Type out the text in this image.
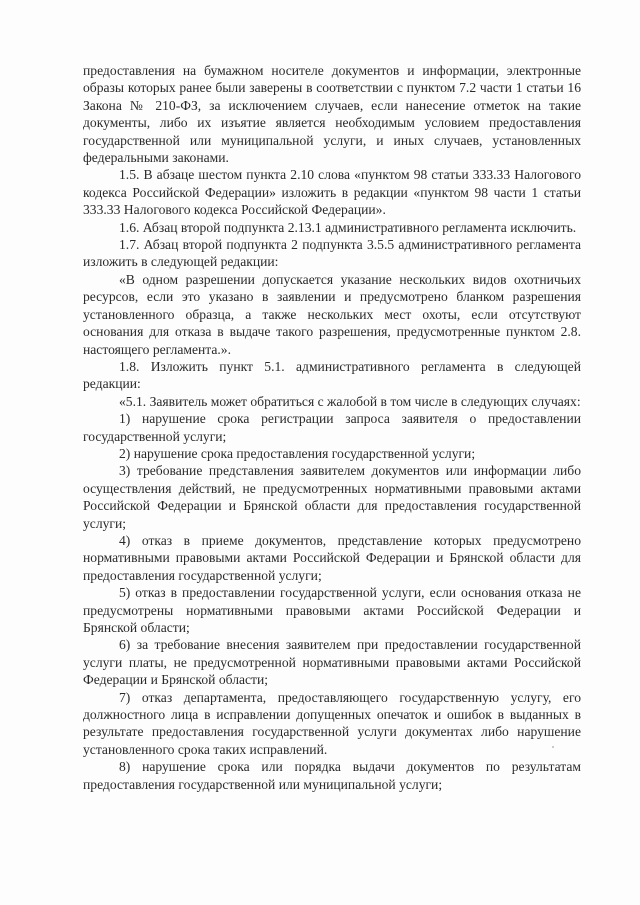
предоставления на бумажном носителе документов и информации, электронные образы которых ранее были заверены в соответствии с пунктом 7.2 части 1 статьи 16 Закона № 210-ФЗ, за исключением случаев, если нанесение отметок на такие документы, либо их изъятие является необходимым условием предоставления государственной или муниципальной услуги, и иных случаев, установленных федеральными законами.

1.5. В абзаце шестом пункта 2.10 слова «пунктом 98 статьи 333.33 Налогового кодекса Российской Федерации» изложить в редакции «пунктом 98 части 1 статьи 333.33 Налогового кодекса Российской Федерации».

1.6. Абзац второй подпункта 2.13.1 административного регламента исключить.

1.7. Абзац второй подпункта 2 подпункта 3.5.5 административного регламента изложить в следующей редакции:

«В одном разрешении допускается указание нескольких видов охотничьих ресурсов, если это указано в заявлении и предусмотрено бланком разрешения установленного образца, а также нескольких мест охоты, если отсутствуют основания для отказа в выдаче такого разрешения, предусмотренные пунктом 2.8. настоящего регламента.».

1.8. Изложить пункт 5.1. административного регламента в следующей редакции:

«5.1. Заявитель может обратиться с жалобой в том числе в следующих случаях:

1) нарушение срока регистрации запроса заявителя о предоставлении государственной услуги;

2) нарушение срока предоставления государственной услуги;

3) требование представления заявителем документов или информации либо осуществления действий, не предусмотренных нормативными правовыми актами Российской Федерации и Брянской области для предоставления государственной услуги;

4) отказ в приеме документов, представление которых предусмотрено нормативными правовыми актами Российской Федерации и Брянской области для предоставления государственной услуги;

5) отказ в предоставлении государственной услуги, если основания отказа не предусмотрены нормативными правовыми актами Российской Федерации и Брянской области;

6) за требование внесения заявителем при предоставлении государственной услуги платы, не предусмотренной нормативными правовыми актами Российской Федерации и Брянской области;

7) отказ департамента, предоставляющего государственную услугу, его должностного лица в исправлении допущенных опечаток и ошибок в выданных в результате предоставления государственной услуги документах либо нарушение установленного срока таких исправлений.

8) нарушение срока или порядка выдачи документов по результатам предоставления государственной или муниципальной услуги;
